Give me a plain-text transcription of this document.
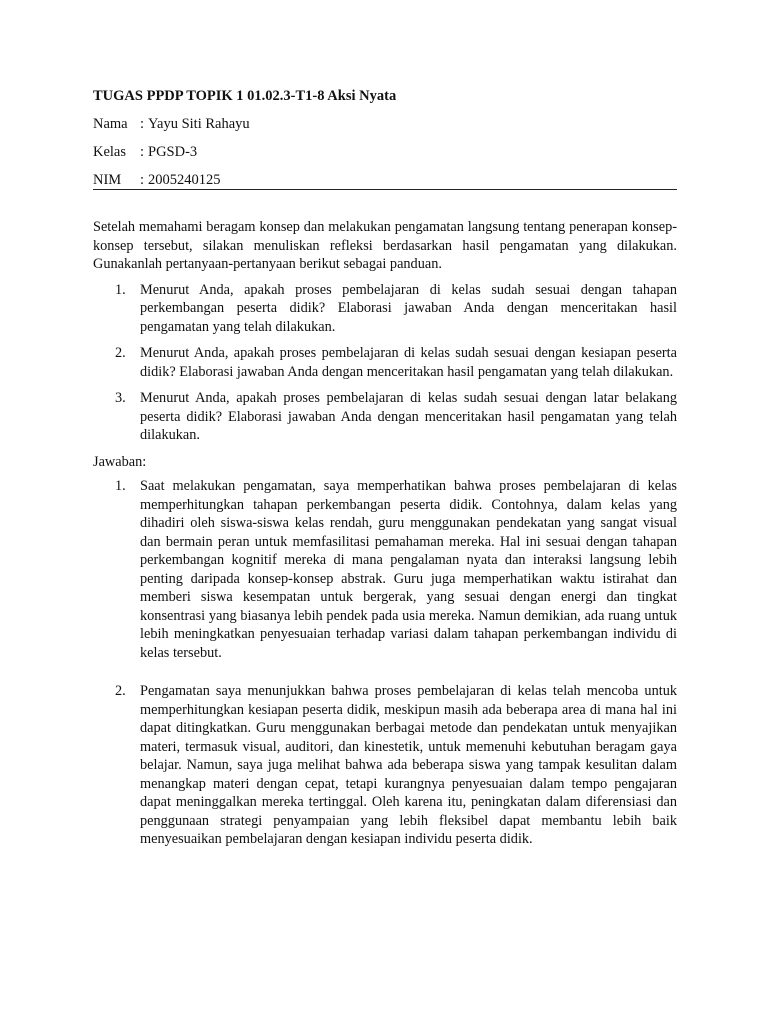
TUGAS PPDP TOPIK 1 01.02.3-T1-8 Aksi Nyata
Nama : Yayu Siti Rahayu
Kelas : PGSD-3
NIM : 2005240125

Setelah memahami beragam konsep dan melakukan pengamatan langsung tentang penerapan konsep-konsep tersebut, silakan menuliskan refleksi berdasarkan hasil pengamatan yang dilakukan. Gunakanlah pertanyaan-pertanyaan berikut sebagai panduan.

1. Menurut Anda, apakah proses pembelajaran di kelas sudah sesuai dengan tahapan perkembangan peserta didik? Elaborasi jawaban Anda dengan menceritakan hasil pengamatan yang telah dilakukan.
2. Menurut Anda, apakah proses pembelajaran di kelas sudah sesuai dengan kesiapan peserta didik? Elaborasi jawaban Anda dengan menceritakan hasil pengamatan yang telah dilakukan.
3. Menurut Anda, apakah proses pembelajaran di kelas sudah sesuai dengan latar belakang peserta didik? Elaborasi jawaban Anda dengan menceritakan hasil pengamatan yang telah dilakukan.

Jawaban:

1. Saat melakukan pengamatan, saya memperhatikan bahwa proses pembelajaran di kelas memperhitungkan tahapan perkembangan peserta didik. Contohnya, dalam kelas yang dihadiri oleh siswa-siswa kelas rendah, guru menggunakan pendekatan yang sangat visual dan bermain peran untuk memfasilitasi pemahaman mereka. Hal ini sesuai dengan tahapan perkembangan kognitif mereka di mana pengalaman nyata dan interaksi langsung lebih penting daripada konsep-konsep abstrak. Guru juga memperhatikan waktu istirahat dan memberi siswa kesempatan untuk bergerak, yang sesuai dengan energi dan tingkat konsentrasi yang biasanya lebih pendek pada usia mereka. Namun demikian, ada ruang untuk lebih meningkatkan penyesuaian terhadap variasi dalam tahapan perkembangan individu di kelas tersebut.
2. Pengamatan saya menunjukkan bahwa proses pembelajaran di kelas telah mencoba untuk memperhitungkan kesiapan peserta didik, meskipun masih ada beberapa area di mana hal ini dapat ditingkatkan. Guru menggunakan berbagai metode dan pendekatan untuk menyajikan materi, termasuk visual, auditori, dan kinestetik, untuk memenuhi kebutuhan beragam gaya belajar. Namun, saya juga melihat bahwa ada beberapa siswa yang tampak kesulitan dalam menangkap materi dengan cepat, tetapi kurangnya penyesuaian dalam tempo pengajaran dapat meninggalkan mereka tertinggal. Oleh karena itu, peningkatan dalam diferensiasi dan penggunaan strategi penyampaian yang lebih fleksibel dapat membantu lebih baik menyesuaikan pembelajaran dengan kesiapan individu peserta didik.
